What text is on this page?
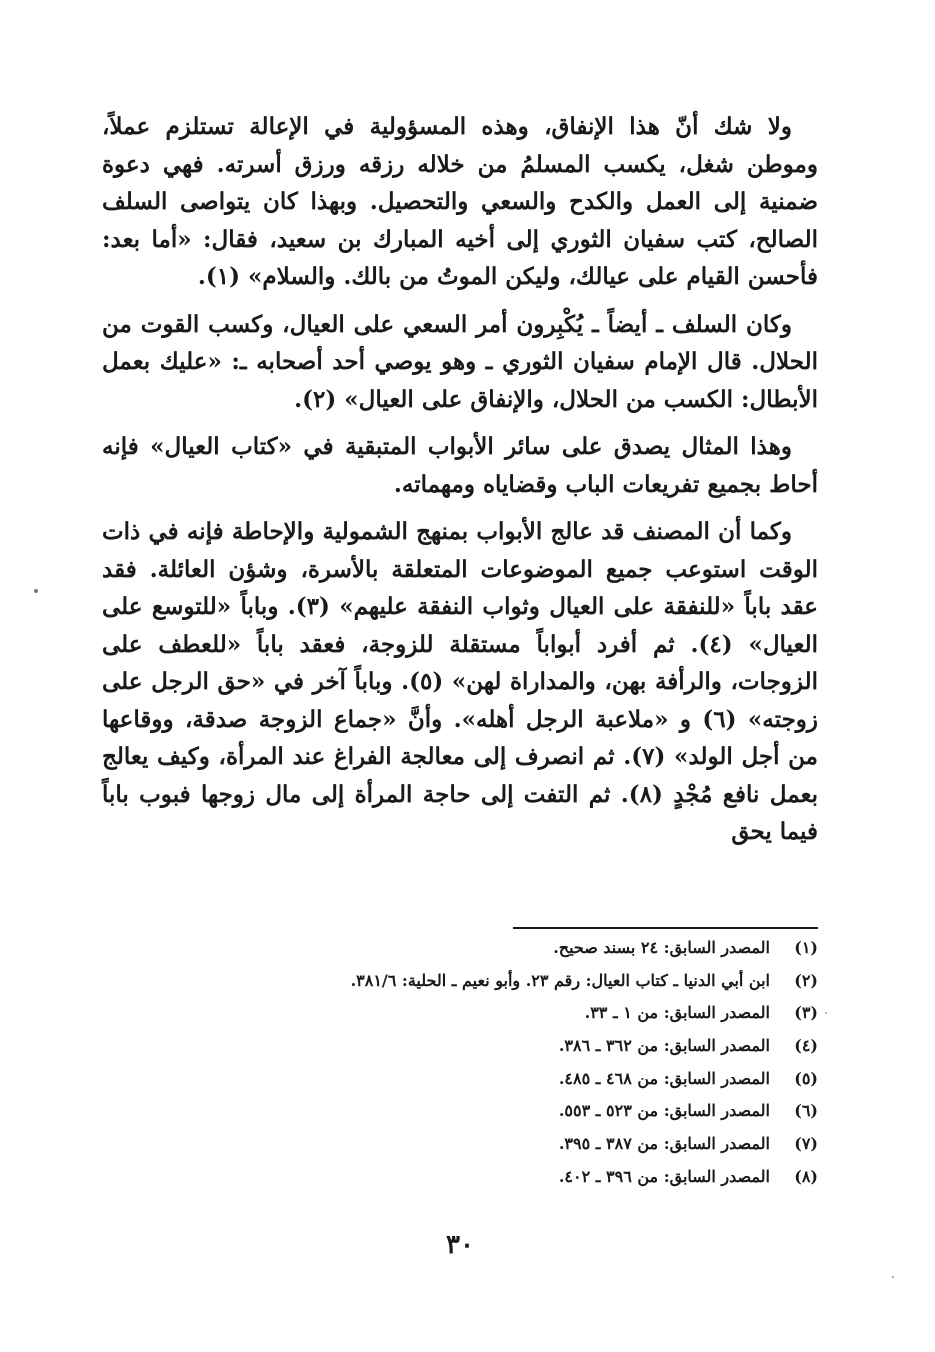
ولا شك أنّ هذا الإنفاق، وهذه المسؤولية في الإعالة تستلزم عملاً، وموطن شغل، يكسب المسلمُ من خلاله رزقه ورزق أسرته. فهي دعوة ضمنية إلى العمل والكدح والسعي والتحصيل. وبهذا كان يتواصى السلف الصالح، كتب سفيان الثوري إلى أخيه المبارك بن سعيد، فقال: «أما بعد: فأحسن القيام على عيالك، وليكن الموتُ من بالك. والسلام» (١).

وكان السلف ـ أيضاً ـ يُكْبِرون أمر السعي على العيال، وكسب القوت من الحلال. قال الإمام سفيان الثوري ـ وهو يوصي أحد أصحابه ـ: «عليك بعمل الأبطال: الكسب من الحلال، والإنفاق على العيال» (٢).

وهذا المثال يصدق على سائر الأبواب المتبقية في «كتاب العيال» فإنه أحاط بجميع تفريعات الباب وقضاياه ومهماته.

وكما أن المصنف قد عالج الأبواب بمنهج الشمولية والإحاطة فإنه في ذات الوقت استوعب جميع الموضوعات المتعلقة بالأسرة، وشؤن العائلة. فقد عقد باباً «للنفقة على العيال وثواب النفقة عليهم» (٣). وباباً «للتوسع على العيال» (٤). ثم أفرد أبواباً مستقلة للزوجة، فعقد باباً «للعطف على الزوجات، والرأفة بهن، والمداراة لهن» (٥). وباباً آخر في «حق الرجل على زوجته» (٦) و «ملاعبة الرجل أهله». وأنَّ «جماع الزوجة صدقة، ووقاعها من أجل الولد» (٧). ثم انصرف إلى معالجة الفراغ عند المرأة، وكيف يعالج بعمل نافع مُجْدٍ (٨). ثم التفت إلى حاجة المرأة إلى مال زوجها فبوب باباً فيما يحق

(١)المصدر السابق: ٢٤ بسند صحيح.
(٢)ابن أبي الدنيا ـ كتاب العيال: رقم ٢٣. وأبو نعيم ـ الحلية: ٣٨١/٦.
(٣)المصدر السابق: من ١ ـ ٣٣.
(٤)المصدر السابق: من ٣٦٢ ـ ٣٨٦.
(٥)المصدر السابق: من ٤٦٨ ـ ٤٨٥.
(٦)المصدر السابق: من ٥٢٣ ـ ٥٥٣.
(٧)المصدر السابق: من ٣٨٧ ـ ٣٩٥.
(٨)المصدر السابق: من ٣٩٦ ـ ٤٠٢.
٣٠
